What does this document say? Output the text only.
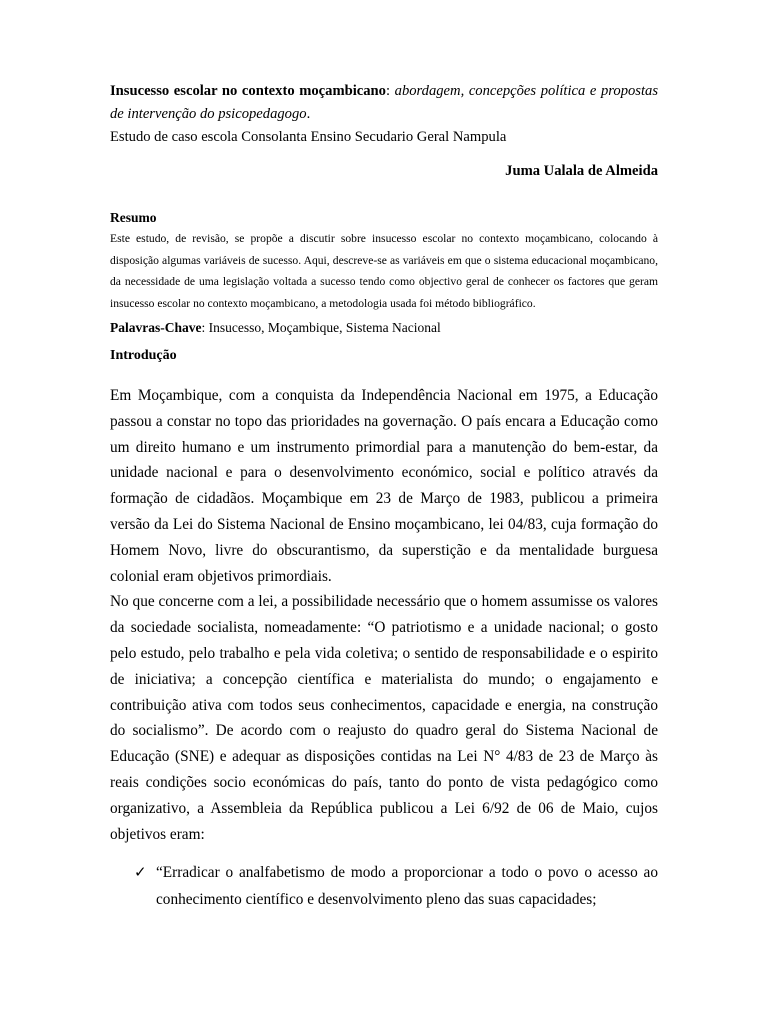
Insucesso escolar no contexto moçambicano: abordagem, concepções política e propostas de intervenção do psicopedagogo.
Estudo de caso escola Consolanta Ensino Secudario Geral Nampula
Juma Ualala de Almeida
Resumo
Este estudo, de revisão, se propõe a discutir sobre insucesso escolar no contexto moçambicano, colocando à disposição algumas variáveis de sucesso. Aqui, descreve-se as variáveis em que o sistema educacional moçambicano, da necessidade de uma legislação voltada a sucesso tendo como objectivo geral de conhecer os factores que geram insucesso escolar no contexto moçambicano, a metodologia usada foi método bibliográfico.
Palavras-Chave: Insucesso, Moçambique, Sistema Nacional
Introdução

Em Moçambique, com a conquista da Independência Nacional em 1975, a Educação passou a constar no topo das prioridades na governação. O país encara a Educação como um direito humano e um instrumento primordial para a manutenção do bem-estar, da unidade nacional e para o desenvolvimento económico, social e político através da formação de cidadãos. Moçambique em 23 de Março de 1983, publicou a primeira versão da Lei do Sistema Nacional de Ensino moçambicano, lei 04/83, cuja formação do Homem Novo, livre do obscurantismo, da superstição e da mentalidade burguesa colonial eram objetivos primordiais.

No que concerne com a lei, a possibilidade necessário que o homem assumisse os valores da sociedade socialista, nomeadamente: “O patriotismo e a unidade nacional; o gosto pelo estudo, pelo trabalho e pela vida coletiva; o sentido de responsabilidade e o espirito de iniciativa; a concepção científica e materialista do mundo; o engajamento e contribuição ativa com todos seus conhecimentos, capacidade e energia, na construção do socialismo”. De acordo com o reajusto do quadro geral do Sistema Nacional de Educação (SNE) e adequar as disposições contidas na Lei N° 4/83 de 23 de Março às reais condições socio económicas do país, tanto do ponto de vista pedagógico como organizativo, a Assembleia da República publicou a Lei 6/92 de 06 de Maio, cujos objetivos eram:

✓ “Erradicar o analfabetismo de modo a proporcionar a todo o povo o acesso ao conhecimento científico e desenvolvimento pleno das suas capacidades;
